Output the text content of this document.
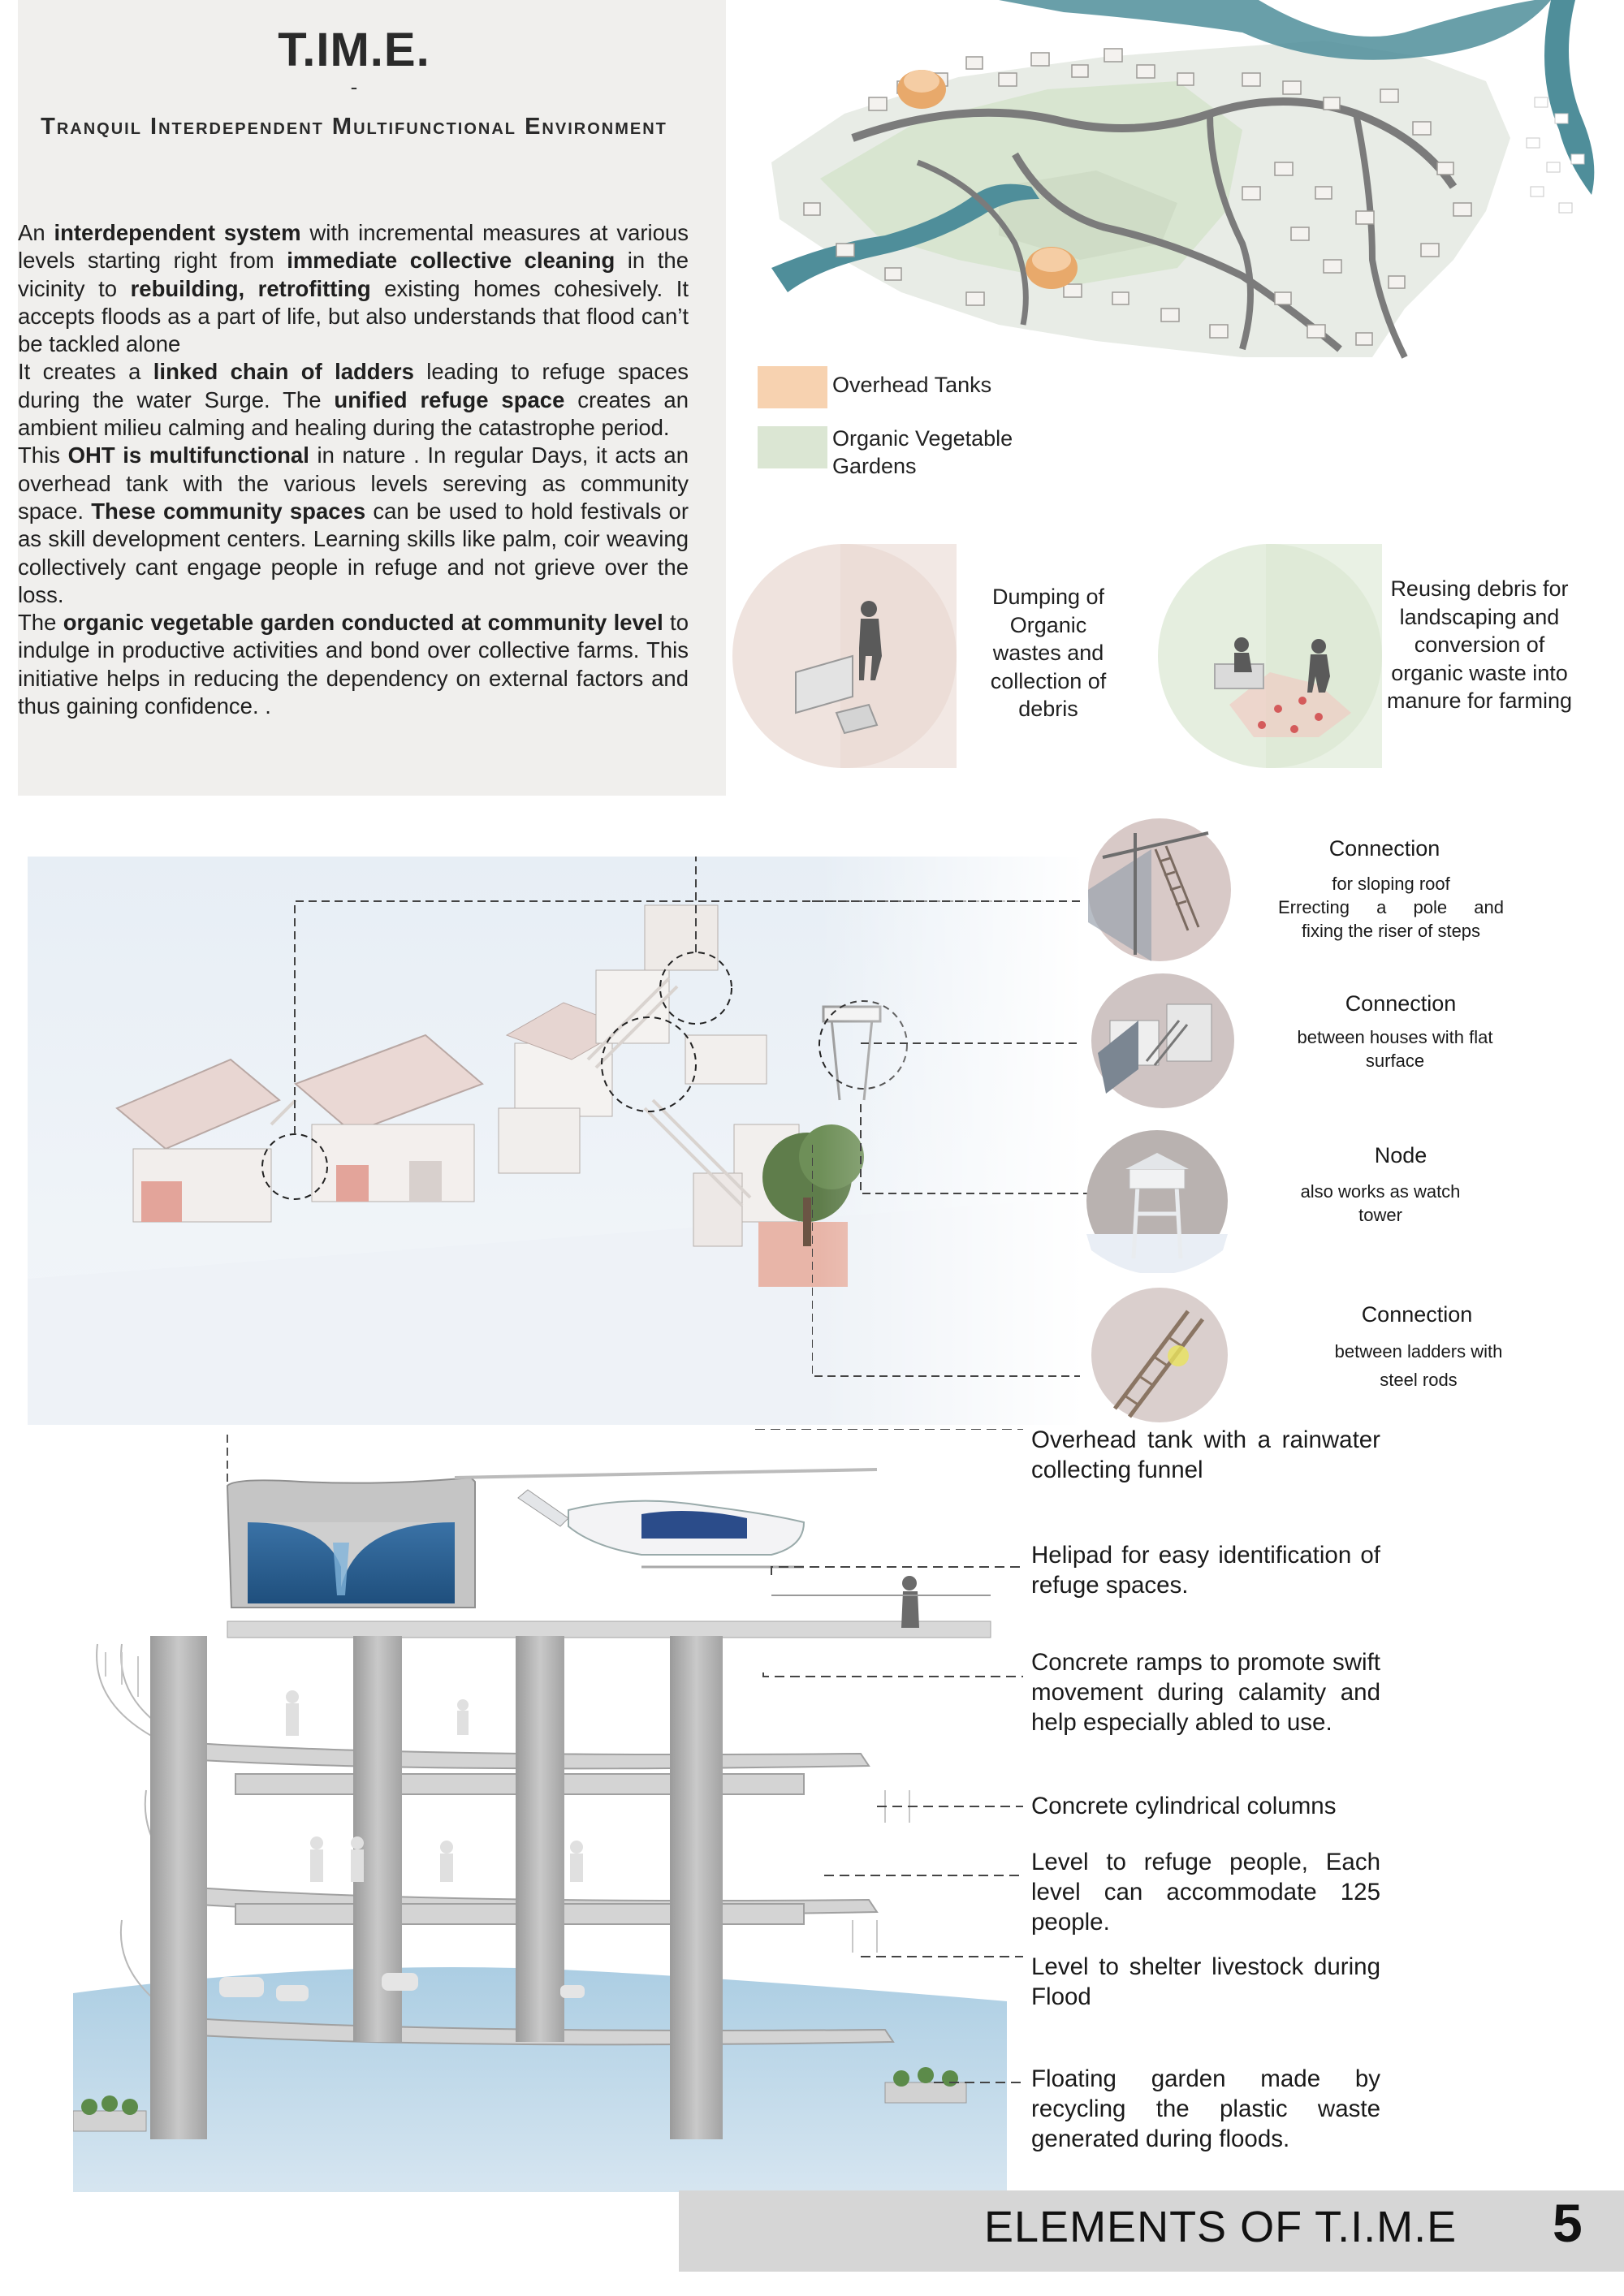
T.IM.E.
-
Tranquil Interdependent Multifunctional Environment

An interdependent system with incremental measures at various levels starting right from immediate collective cleaning in the vicinity to rebuilding, retrofitting existing homes cohesively. It accepts floods as a part of life, but also understands that flood can’t be tackled alone

It creates a linked chain of ladders leading to refuge spaces during the water Surge. The unified refuge space creates an ambient milieu calming and healing during the catastrophe period.

This OHT is multifunctional in nature . In regular Days, it acts an overhead tank with the various levels sereving as community space. These community spaces can be used to hold festivals or as skill development centers. Learning skills like palm, coir weaving collectively cant engage people in refuge and not grieve over the loss.

The organic vegetable garden conducted at community level to indulge in productive activities and bond over collective farms. This initiative helps in reducing the dependency on external factors and thus gaining confidence. .

Overhead Tanks
Organic Vegetable Gardens
Dumping of Organic wastes and collection of debris
Reusing debris for landscaping and conversion of organic waste into manure for farming
Connection
for sloping roof
Errecting a pole and
fixing the riser of steps
Connection
between houses with flat surface
Node
also works as watch tower
Connection
between ladders with steel rods
Overhead tank with a rainwater collecting funnel
Helipad for easy identification of refuge spaces.
Concrete ramps to promote swift movement during calamity and help especially abled to use.
Concrete cylindrical columns
Level to refuge people, Each level can accommodate 125 people.
Level to shelter livestock during Flood
Floating garden made by recycling the plastic waste generated during floods.
ELEMENTS OF T.I.M.E 5
